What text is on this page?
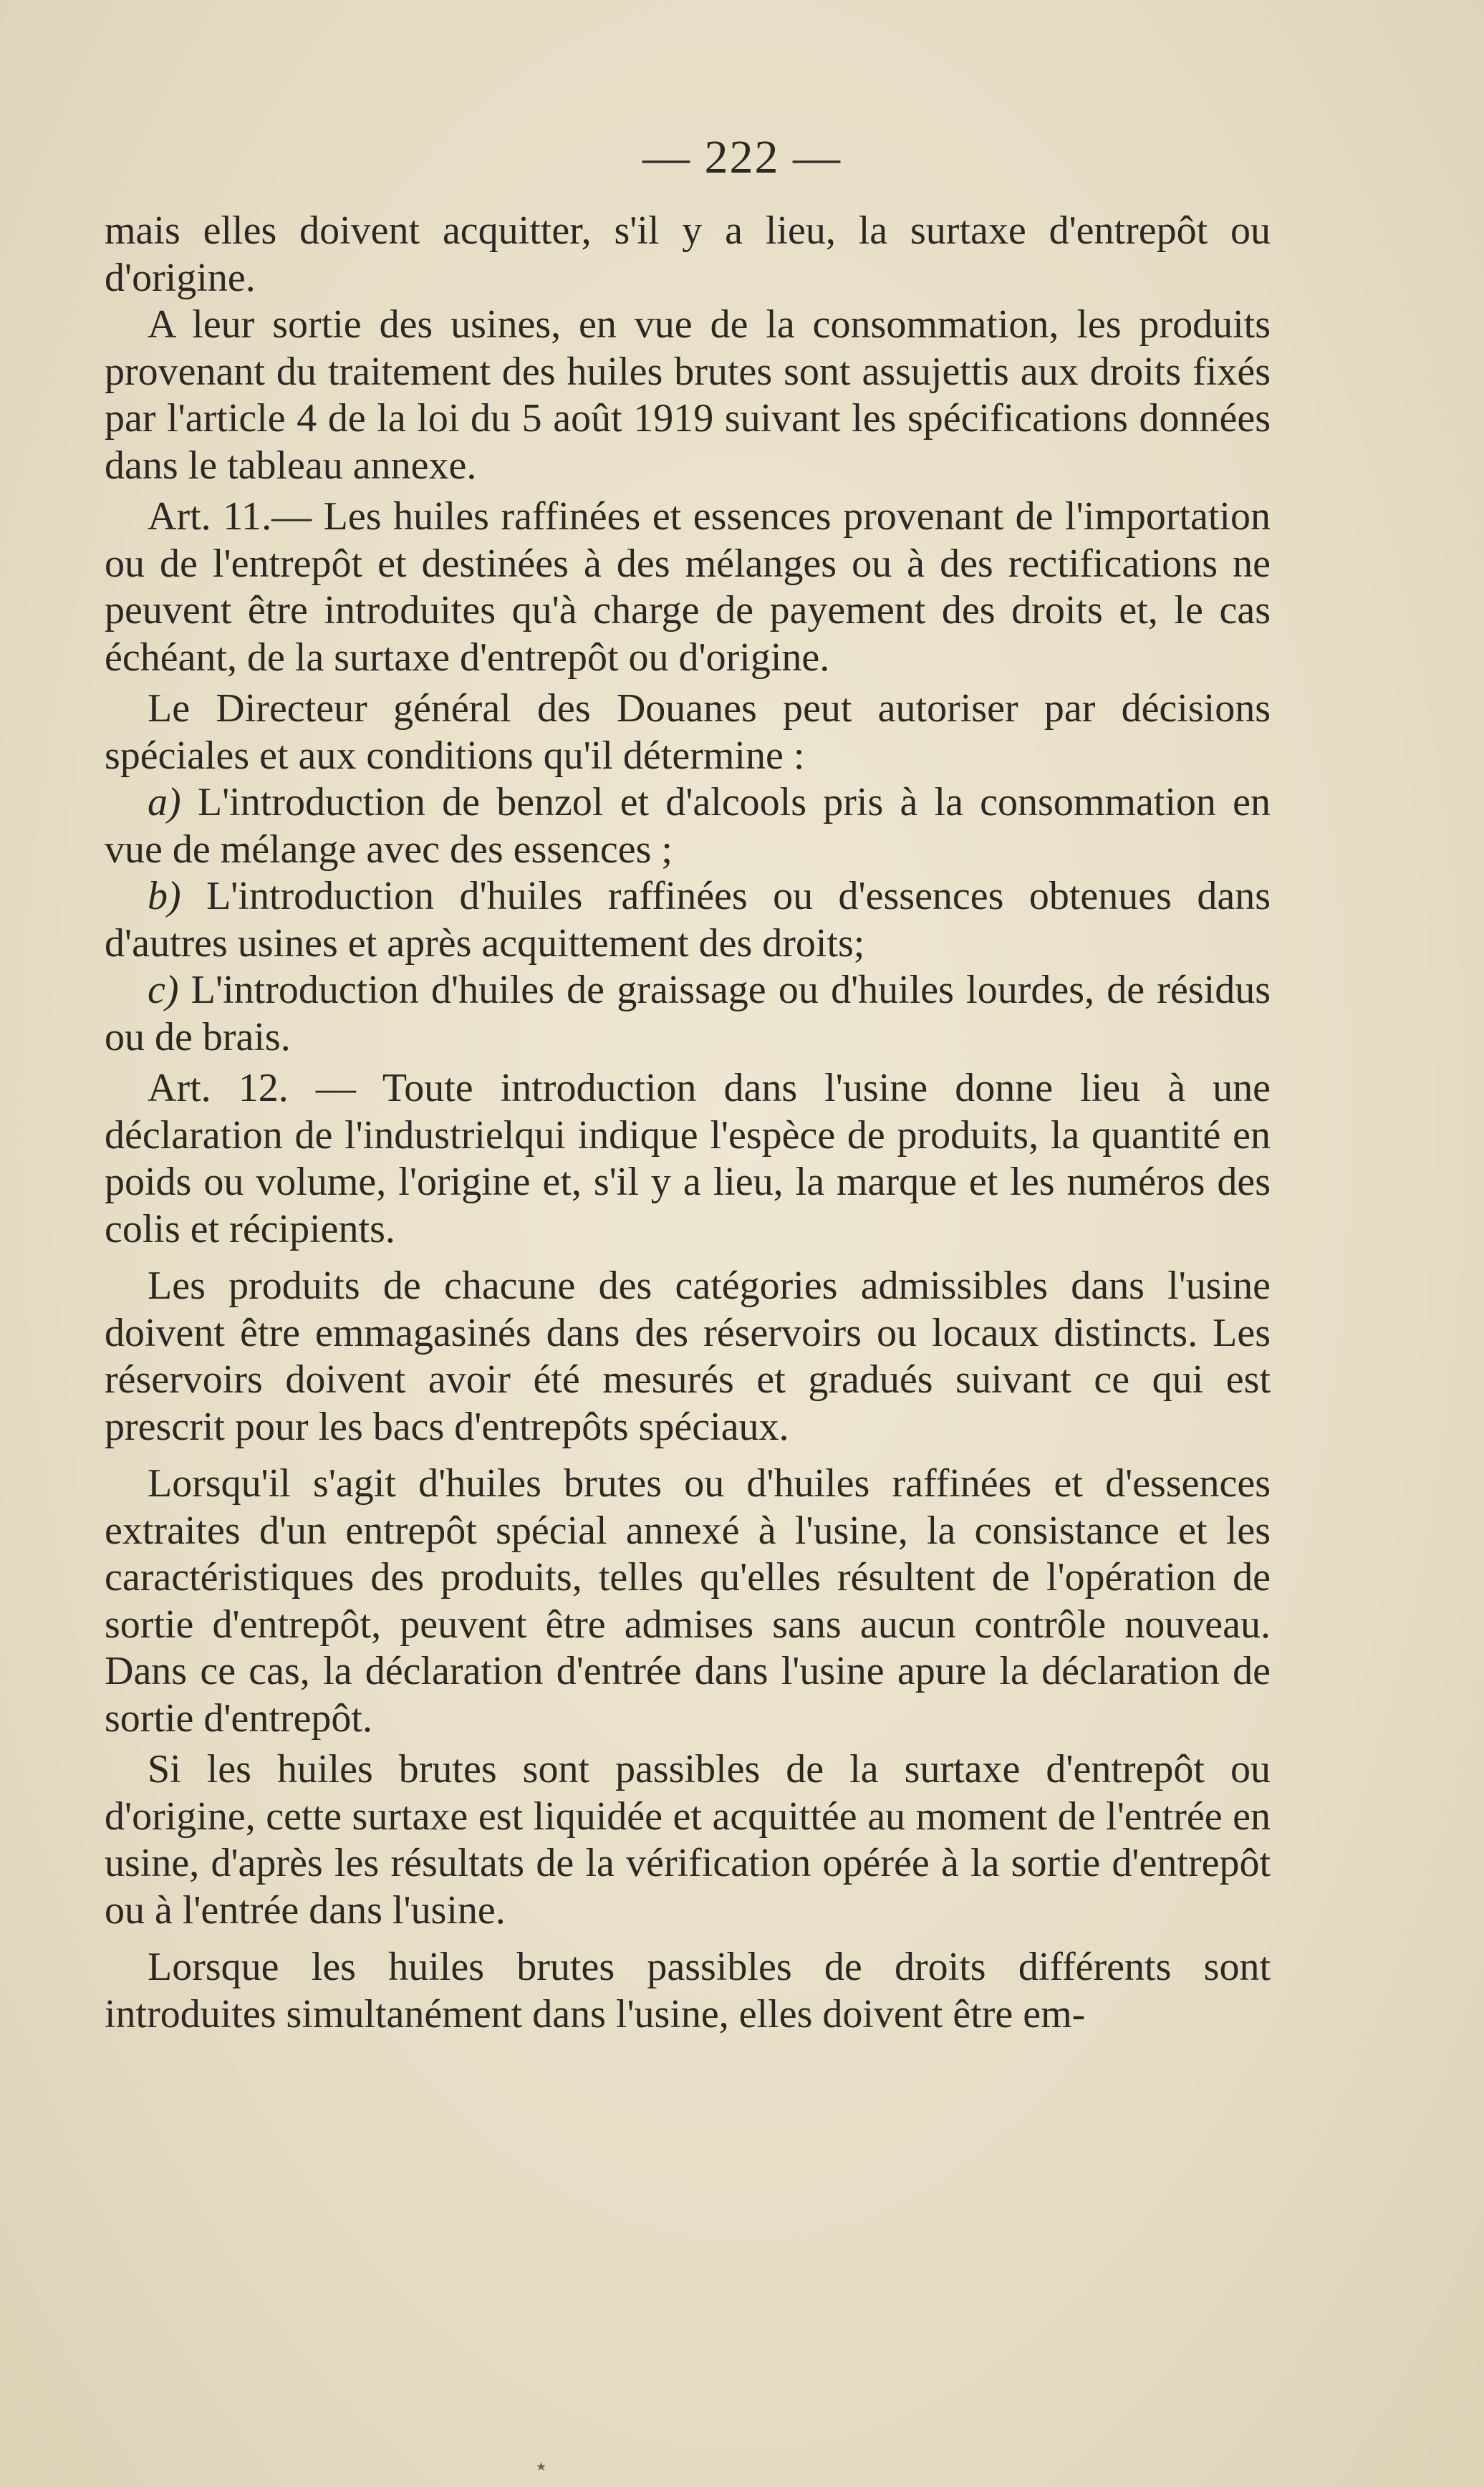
— 222 —

mais elles doivent acquitter, s'il y a lieu, la surtaxe d'entrepôt ou d'origine.

A leur sortie des usines, en vue de la consommation, les produits provenant du traitement des huiles brutes sont assujettis aux droits fixés par l'article 4 de la loi du 5 août 1919 suivant les spécifications données dans le tableau annexe.

Art. 11.— Les huiles raffinées et essences provenant de l'importation ou de l'entrepôt et destinées à des mélanges ou à des rectifications ne peuvent être introduites qu'à charge de payement des droits et, le cas échéant, de la surtaxe d'entrepôt ou d'origine.

Le Directeur général des Douanes peut autoriser par décisions spéciales et aux conditions qu'il détermine :

a) L'introduction de benzol et d'alcools pris à la consommation en vue de mélange avec des essences ;

b) L'introduction d'huiles raffinées ou d'essences obtenues dans d'autres usines et après acquittement des droits;

c) L'introduction d'huiles de graissage ou d'huiles lourdes, de résidus ou de brais.

Art. 12. — Toute introduction dans l'usine donne lieu à une déclaration de l'industrielqui indique l'espèce de produits, la quantité en poids ou volume, l'origine et, s'il y a lieu, la marque et les numéros des colis et récipients.

Les produits de chacune des catégories admissibles dans l'usine doivent être emmagasinés dans des réservoirs ou locaux distincts. Les réservoirs doivent avoir été mesurés et gradués suivant ce qui est prescrit pour les bacs d'entrepôts spéciaux.

Lorsqu'il s'agit d'huiles brutes ou d'huiles raffinées et d'essences extraites d'un entrepôt spécial annexé à l'usine, la consistance et les caractéristiques des produits, telles qu'elles résultent de l'opération de sortie d'entrepôt, peuvent être admises sans aucun contrôle nouveau. Dans ce cas, la déclaration d'entrée dans l'usine apure la déclaration de sortie d'entrepôt.

Si les huiles brutes sont passibles de la surtaxe d'entrepôt ou d'origine, cette surtaxe est liquidée et acquittée au moment de l'entrée en usine, d'après les résultats de la vérification opérée à la sortie d'entrepôt ou à l'entrée dans l'usine.

Lorsque les huiles brutes passibles de droits différents sont introduites simultanément dans l'usine, elles doivent être em-

٭
